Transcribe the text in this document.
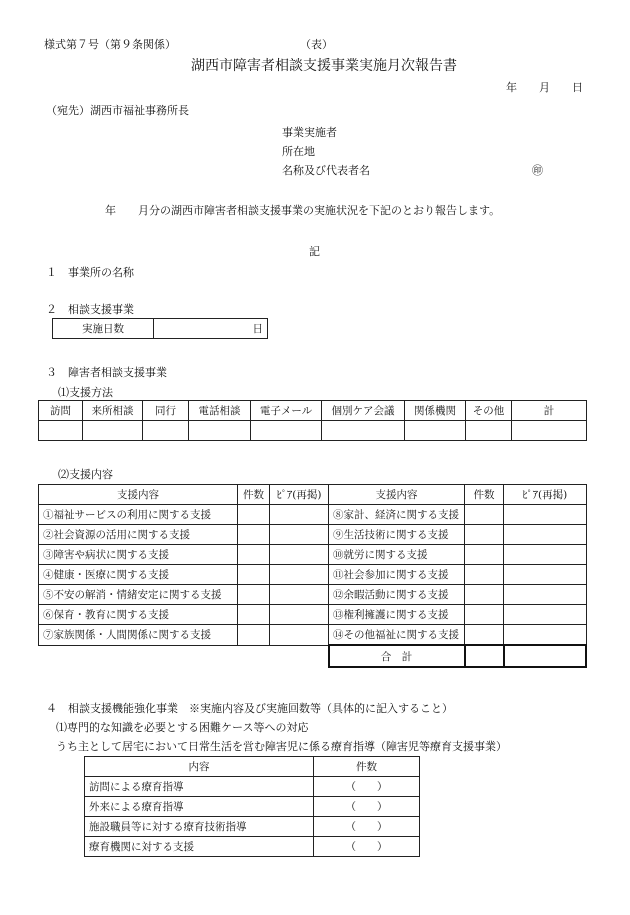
様式第７号（第９条関係）	（表）
湖西市障害者相談支援事業実施月次報告書
年　　月　　日
（宛先）湖西市福祉事務所長
事業実施者
所在地
名称及び代表者名	㊞
年　　月分の湖西市障害者相談支援事業の実施状況を下記のとおり報告します。
記
１　事業所の名称
２　相談支援事業
実施日数	日
３　障害者相談支援事業
⑴支援方法
訪問	来所相談	同行	電話相談	電子メール	個別ケア会議	関係機関	その他	計

⑵支援内容
支援内容	件数	ﾋﾟｱ(再掲)	支援内容	件数	ﾋﾟｱ(再掲)
①福祉サービスの利用に関する支援			⑧家計、経済に関する支援		
②社会資源の活用に関する支援			⑨生活技術に関する支援		
③障害や病状に関する支援			⑩就労に関する支援		
④健康・医療に関する支援			⑪社会参加に関する支援		
⑤不安の解消・情緒安定に関する支援			⑫余暇活動に関する支援		
⑥保育・教育に関する支援			⑬権利擁護に関する支援		
⑦家族関係・人間関係に関する支援			⑭その他福祉に関する支援		
			合　計		
４　相談支援機能強化事業　※実施内容及び実施回数等（具体的に記入すること）
⑴専門的な知識を必要とする困難ケース等への対応
うち主として居宅において日常生活を営む障害児に係る療育指導（障害児等療育支援事業）
内容	件数
訪問による療育指導	（　　）
外来による療育指導	（　　）
施設職員等に対する療育技術指導	（　　）
療育機関に対する支援	（　　）
